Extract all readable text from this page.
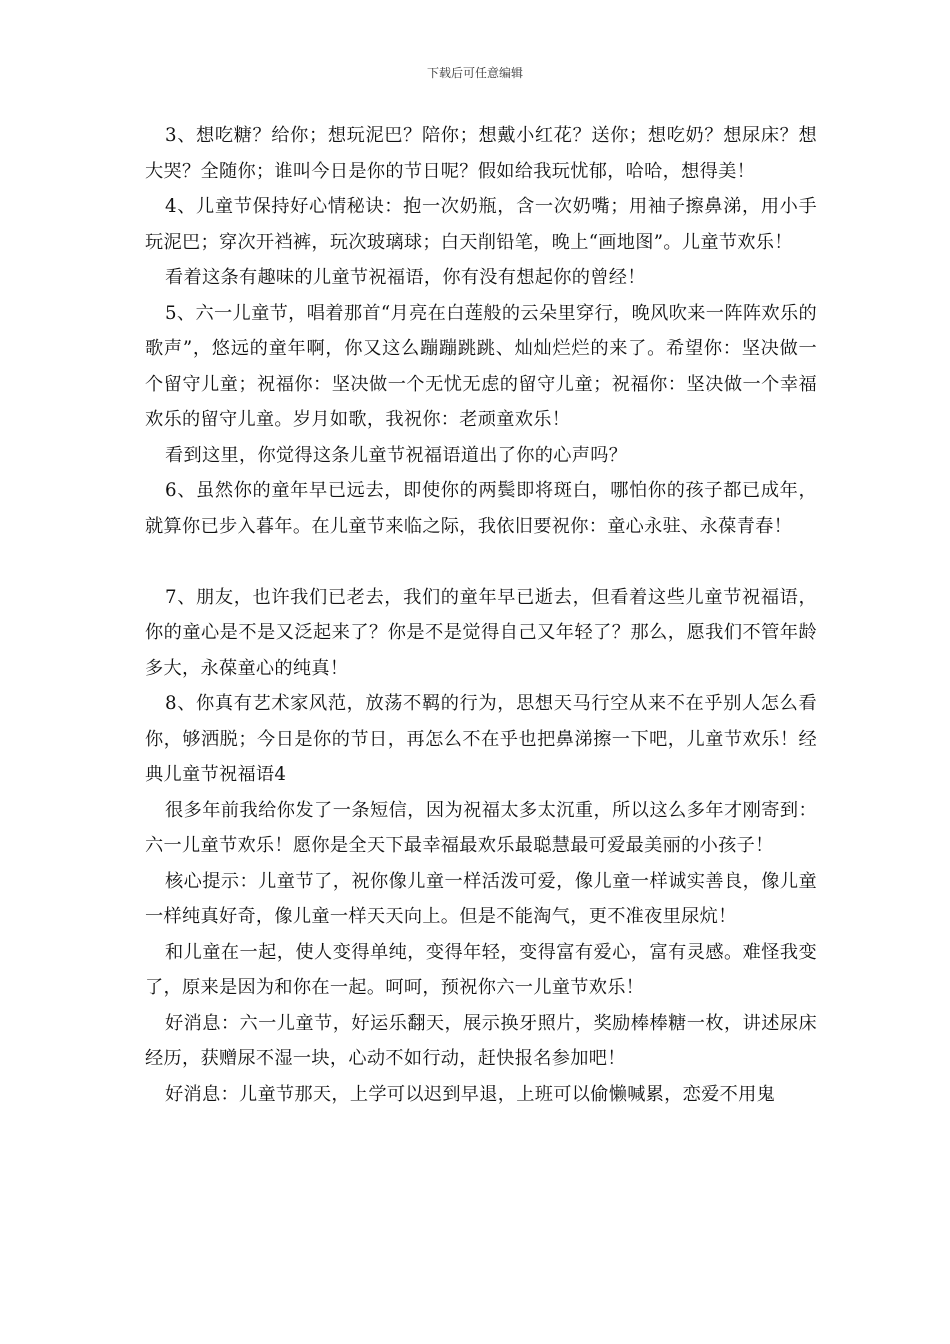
下载后可任意编辑

3、想吃糖？给你；想玩泥巴？陪你；想戴小红花？送你；想吃奶？想尿床？想大哭？全随你；谁叫今日是你的节日呢？假如给我玩忧郁，哈哈，想得美！

4、儿童节保持好心情秘诀：抱一次奶瓶，含一次奶嘴；用袖子擦鼻涕，用小手玩泥巴；穿次开裆裤，玩次玻璃球；白天削铅笔，晚上“画地图”。儿童节欢乐！

看着这条有趣味的儿童节祝福语，你有没有想起你的曾经！

5、六一儿童节，唱着那首“月亮在白莲般的云朵里穿行，晚风吹来一阵阵欢乐的歌声”，悠远的童年啊，你又这么蹦蹦跳跳、灿灿烂烂的来了。希望你：坚决做一个留守儿童；祝福你：坚决做一个无忧无虑的留守儿童；祝福你：坚决做一个幸福欢乐的留守儿童。岁月如歌，我祝你：老顽童欢乐！

看到这里，你觉得这条儿童节祝福语道出了你的心声吗？

6、虽然你的童年早已远去，即使你的两鬓即将斑白，哪怕你的孩子都已成年，就算你已步入暮年。在儿童节来临之际，我依旧要祝你：童心永驻、永葆青春！

7、朋友，也许我们已老去，我们的童年早已逝去，但看着这些儿童节祝福语，你的童心是不是又泛起来了？你是不是觉得自己又年轻了？那么，愿我们不管年龄多大，永葆童心的纯真！

8、你真有艺术家风范，放荡不羁的行为，思想天马行空从来不在乎别人怎么看你，够洒脱；今日是你的节日，再怎么不在乎也把鼻涕擦一下吧，儿童节欢乐！经典儿童节祝福语4

很多年前我给你发了一条短信，因为祝福太多太沉重，所以这么多年才刚寄到：六一儿童节欢乐！愿你是全天下最幸福最欢乐最聪慧最可爱最美丽的小孩子！

核心提示：儿童节了，祝你像儿童一样活泼可爱，像儿童一样诚实善良，像儿童一样纯真好奇，像儿童一样天天向上。但是不能淘气，更不准夜里尿炕！

和儿童在一起，使人变得单纯，变得年轻，变得富有爱心，富有灵感。难怪我变了，原来是因为和你在一起。呵呵，预祝你六一儿童节欢乐！

好消息：六一儿童节，好运乐翻天，展示换牙照片，奖励棒棒糖一枚，讲述尿床经历，获赠尿不湿一块，心动不如行动，赶快报名参加吧！

好消息：儿童节那天，上学可以迟到早退，上班可以偷懒喊累，恋爱不用鬼
